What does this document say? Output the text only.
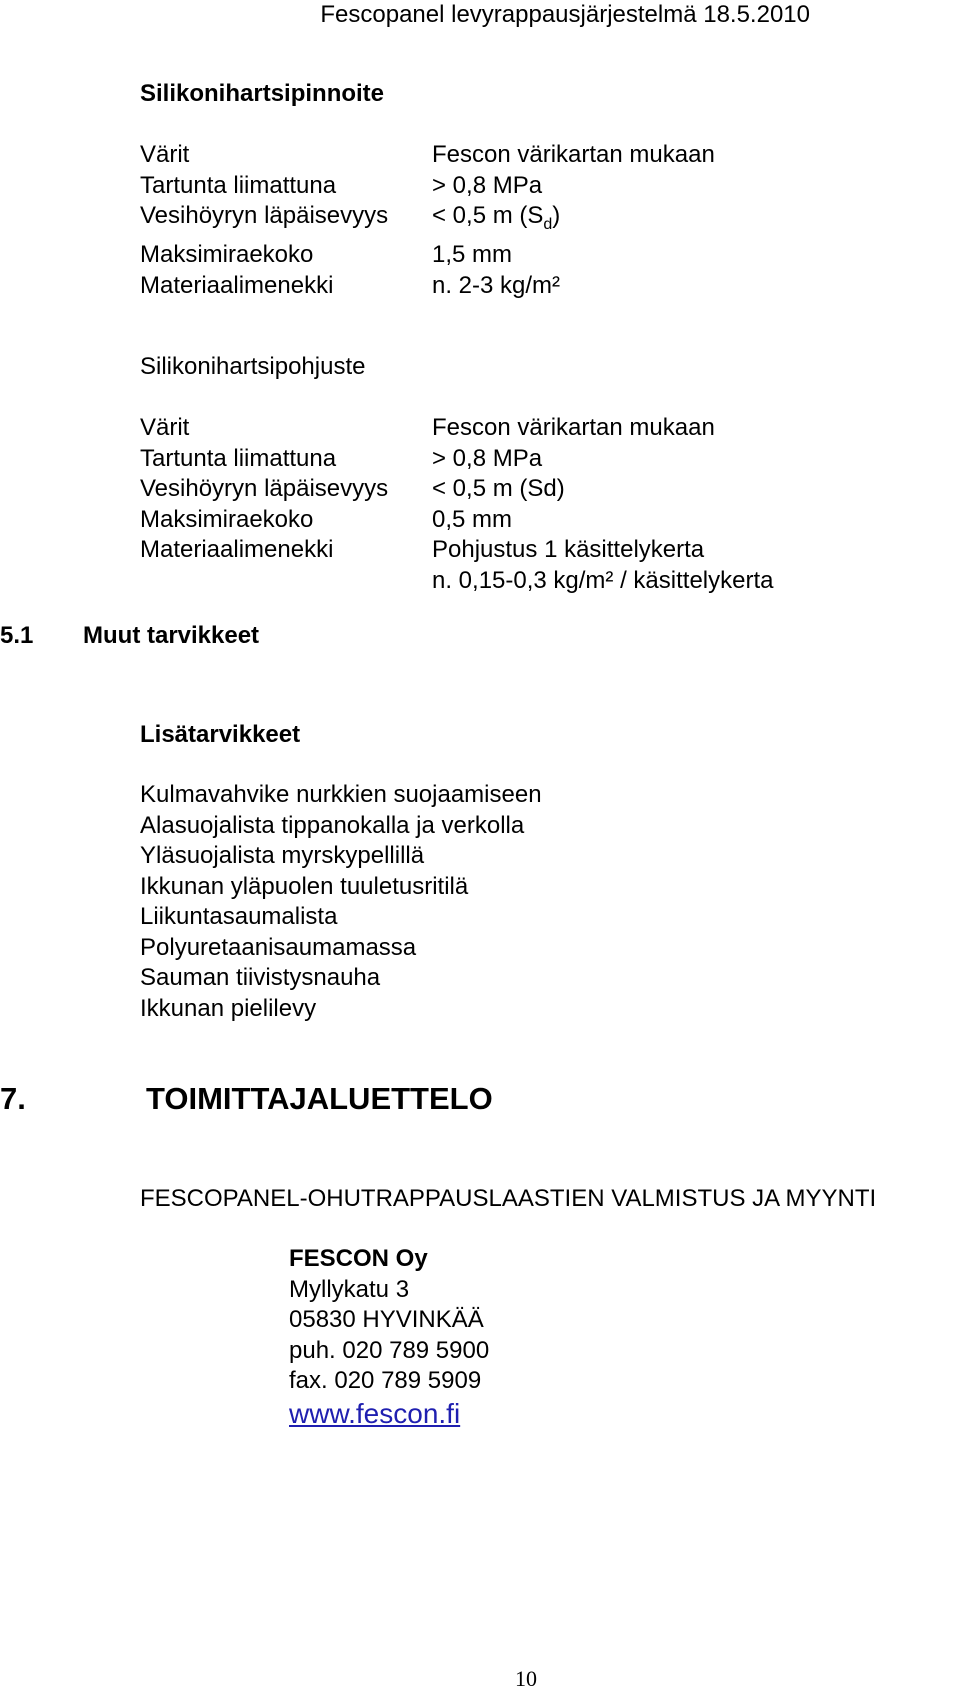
Fescopanel levyrappausjärjestelmä 18.5.2010
Silikonihartsipinnoite
Värit	Fescon värikartan mukaan
Tartunta liimattuna	> 0,8 MPa
Vesihöyryn läpäisevyys	< 0,5 m $(S_d)$
Maksimiraekoko	1,5 mm
Materiaalimenekki	n. 2-3 kg/m²
Silikonihartsipohjuste
Värit	Fescon värikartan mukaan
Tartunta liimattuna	> 0,8 MPa
Vesihöyryn läpäisevyys	< 0,5 m (Sd)
Maksimiraekoko	0,5 mm
Materiaalimenekki	Pohjustus 1 käsittelykerta
	n. 0,15-0,3 kg/m² / käsittelykerta
5.1 Muut tarvikkeet
Lisätarvikkeet
Kulmavahvike nurkkien suojaamiseen
Alasuojalista tippanokalla ja verkolla
Yläsuojalista myrskypellillä
Ikkunan yläpuolen tuuletusritilä
Liikuntasaumalista
Polyuretaanisaumamassa
Sauman tiivistysnauha
Ikkunan pielilevy
7.	TOIMITTAJALUETTELO
FESCOPANEL-OHUTRAPPAUSLAASTIEN VALMISTUS JA MYYNTI
FESCON Oy
Myllykatu 3
05830 HYVINKÄÄ
puh. 020 789 5900
fax. 020 789 5909
www.fescon.fi
10
